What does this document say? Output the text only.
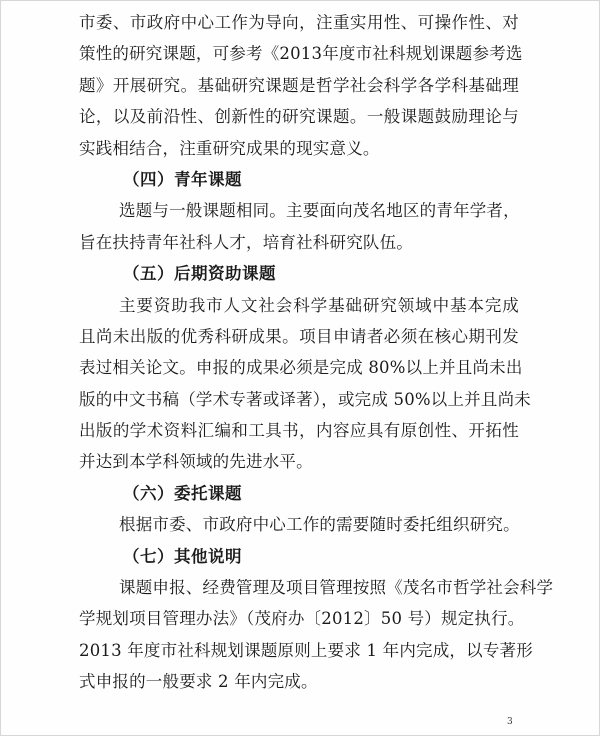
市委、市政府中心工作为导向，注重实用性、可操作性、对
策性的研究课题，可参考《2013年度市社科规划课题参考选
题》开展研究。基础研究课题是哲学社会科学各学科基础理
论，以及前沿性、创新性的研究课题。一般课题鼓励理论与
实践相结合，注重研究成果的现实意义。
（四）青年课题
选题与一般课题相同。主要面向茂名地区的青年学者，
旨在扶持青年社科人才，培育社科研究队伍。
（五）后期资助课题
主要资助我市人文社会科学基础研究领域中基本完成
且尚未出版的优秀科研成果。项目申请者必须在核心期刊发
表过相关论文。申报的成果必须是完成 80%以上并且尚未出
版的中文书稿（学术专著或译著），或完成 50%以上并且尚未
出版的学术资料汇编和工具书，内容应具有原创性、开拓性
并达到本学科领域的先进水平。
（六）委托课题
根据市委、市政府中心工作的需要随时委托组织研究。
（七）其他说明
课题申报、经费管理及项目管理按照《茂名市哲学社会科学
学规划项目管理办法》（茂府办〔2012〕50 号）规定执行。
2013 年度市社科规划课题原则上要求 1 年内完成，以专著形
式申报的一般要求 2 年内完成。
3
